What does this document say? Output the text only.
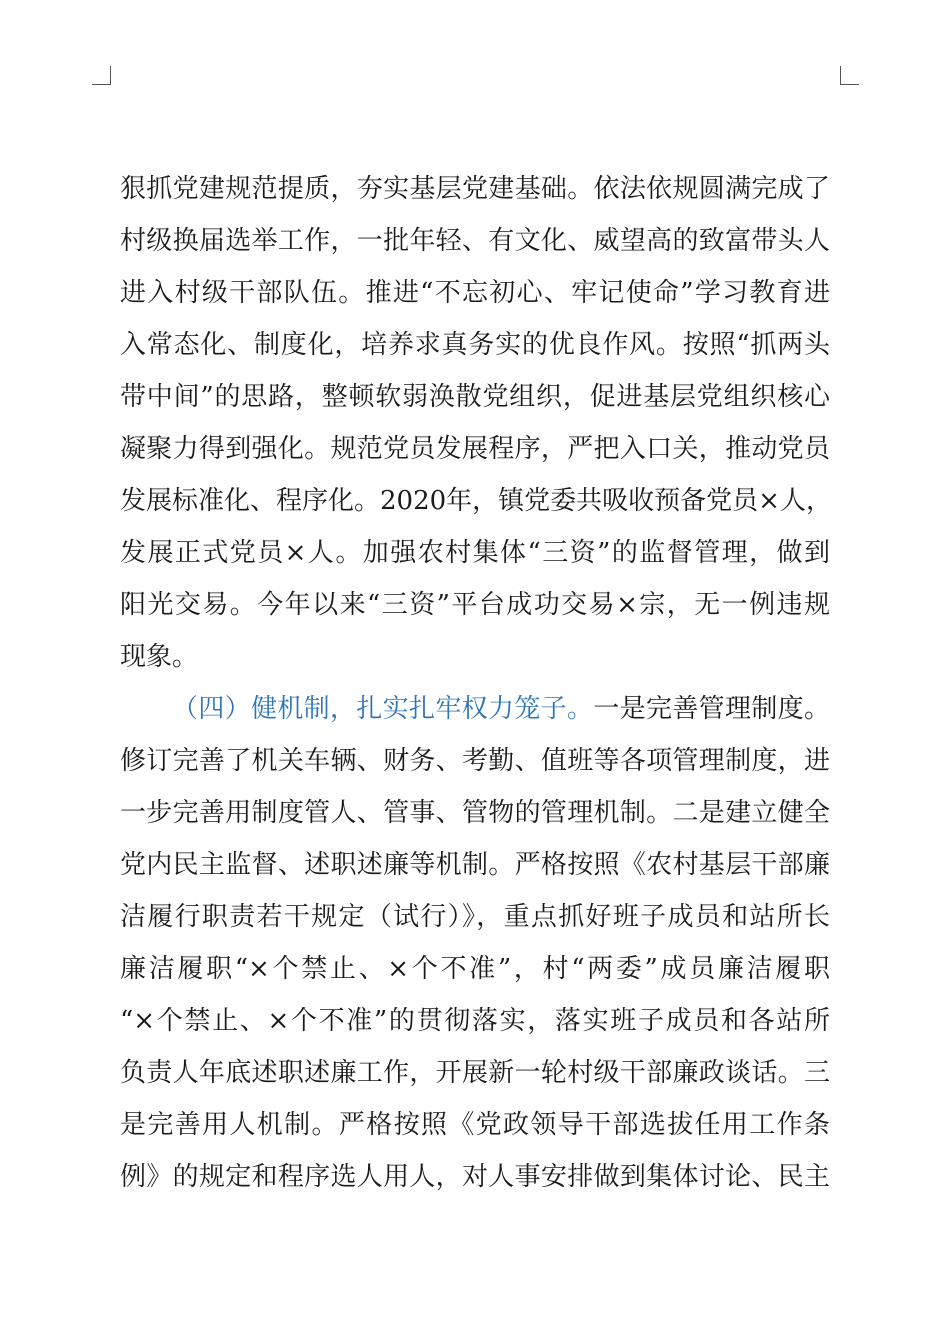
狠抓党建规范提质，夯实基层党建基础。依法依规圆满完成了
村级换届选举工作，一批年轻、有文化、威望高的致富带头人
进入村级干部队伍。推进“不忘初心、牢记使命”学习教育进
入常态化、制度化，培养求真务实的优良作风。按照“抓两头
带中间”的思路，整顿软弱涣散党组织，促进基层党组织核心
凝聚力得到强化。规范党员发展程序，严把入口关，推动党员
发展标准化、程序化。2020年，镇党委共吸收预备党员×人，
发展正式党员×人。加强农村集体“三资”的监督管理，做到
阳光交易。今年以来“三资”平台成功交易×宗，无一例违规
现象。
（四）健机制，扎实扎牢权力笼子。一是完善管理制度。
修订完善了机关车辆、财务、考勤、值班等各项管理制度，进
一步完善用制度管人、管事、管物的管理机制。二是建立健全
党内民主监督、述职述廉等机制。严格按照《农村基层干部廉
洁履行职责若干规定（试行）》，重点抓好班子成员和站所长
廉洁履职“×个禁止、×个不准”，村“两委”成员廉洁履职
“×个禁止、×个不准”的贯彻落实，落实班子成员和各站所
负责人年底述职述廉工作，开展新一轮村级干部廉政谈话。三
是完善用人机制。严格按照《党政领导干部选拔任用工作条
例》的规定和程序选人用人，对人事安排做到集体讨论、民主
